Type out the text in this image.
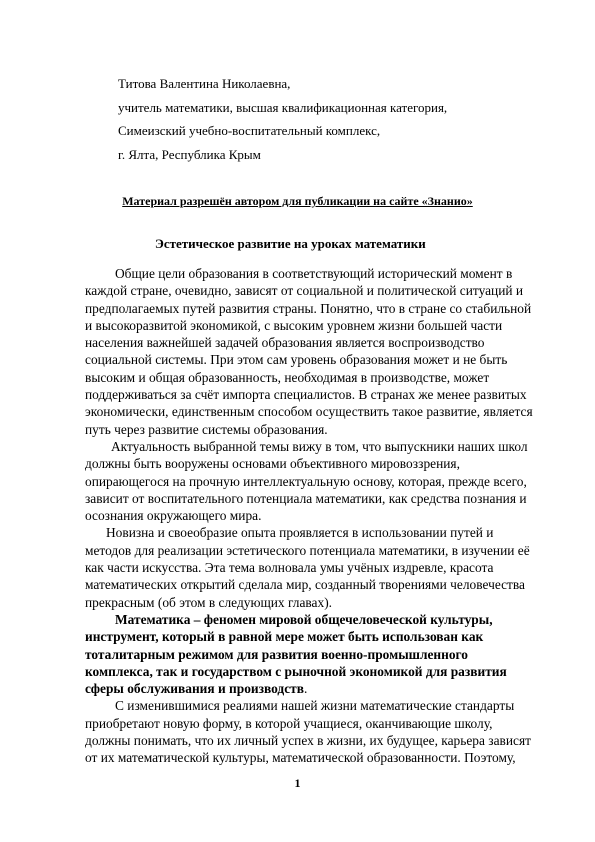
Титова Валентина Николаевна,
учитель математики, высшая квалификационная категория,
Симеизский учебно-воспитательный комплекс,
г. Ялта, Республика Крым
Материал разрешён автором для публикации на сайте «Знанио»
Эстетическое развитие на уроках математики
Общие цели образования в соответствующий исторический момент в
каждой стране, очевидно, зависят от социальной и политической ситуаций и
предполагаемых путей развития страны. Понятно, что в стране со стабильной
и высокоразвитой экономикой, с высоким уровнем жизни большей части
населения важнейшей задачей образования является воспроизводство
социальной системы. При этом сам уровень образования может и не быть
высоким и общая образованность, необходимая в производстве, может
поддерживаться за счёт импорта специалистов. В странах же менее развитых
экономически, единственным способом осуществить такое развитие, является
путь через развитие системы образования.
Актуальность выбранной темы вижу в том, что выпускники наших школ
должны быть вооружены основами объективного мировоззрения,
опирающегося на прочную интеллектуальную основу, которая, прежде всего,
зависит от воспитательного потенциала математики, как средства познания и
осознания окружающего мира.
Новизна и своеобразие опыта проявляется в использовании путей и
методов для реализации эстетического потенциала математики, в изучении её
как части искусства. Эта тема волновала умы учёных издревле, красота
математических открытий сделала мир, созданный творениями человечества
прекрасным (об этом в следующих главах).
Математика – феномен мировой общечеловеческой культуры,
инструмент, который в равной мере может быть использован как
тоталитарным режимом для развития военно-промышленного
комплекса, так и государством с рыночной экономикой для развития
сферы обслуживания и производств.
С изменившимися реалиями нашей жизни математические стандарты
приобретают новую форму, в которой учащиеся, оканчивающие школу,
должны понимать, что их личный успех в жизни, их будущее, карьера зависят
от их математической культуры, математической образованности. Поэтому,
1
